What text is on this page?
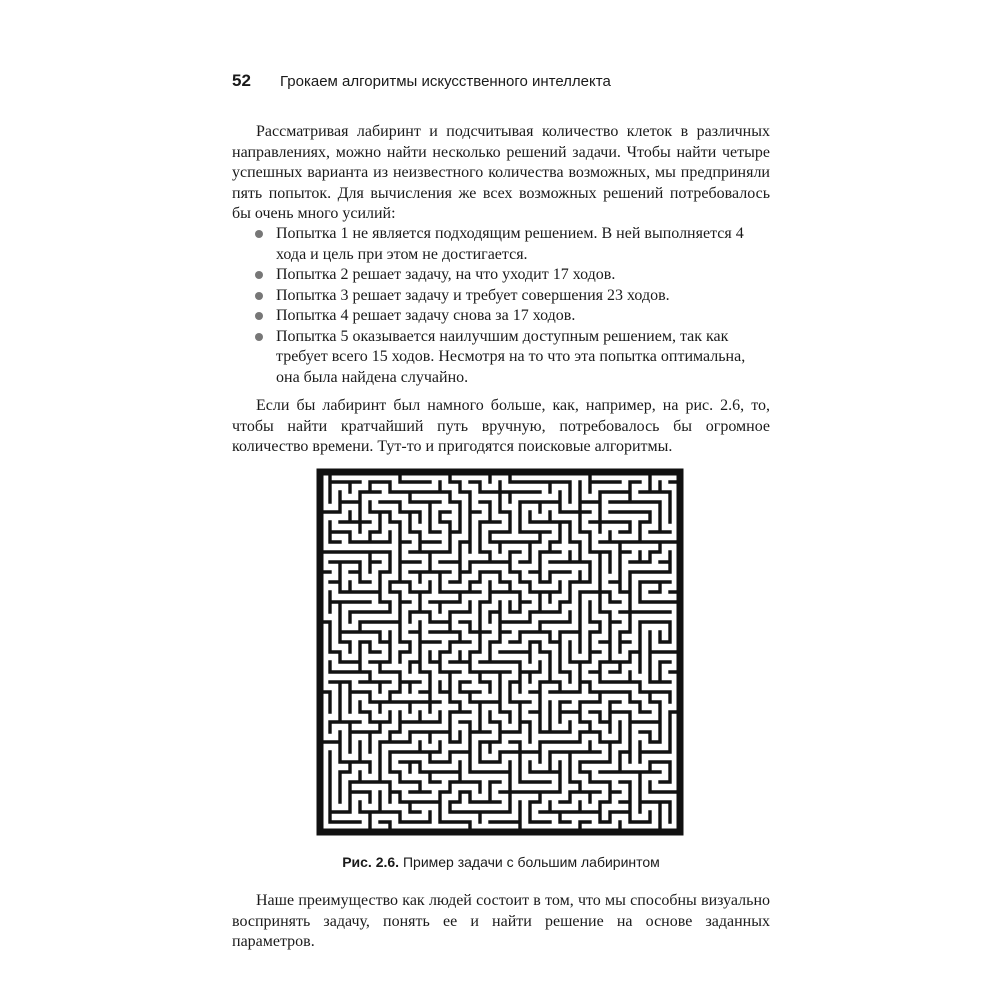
52 Грокаем алгоритмы искусственного интеллекта

Рассматривая лабиринт и подсчитывая количество клеток в различных направлениях, можно найти несколько решений задачи. Чтобы найти четыре успешных варианта из неизвестного количества возможных, мы предприняли пять попыток. Для вычисления же всех возможных решений потребовалось бы очень много усилий:

Попытка 1 не является подходящим решением. В ней выполняется 4 хода и цель при этом не достигается.
Попытка 2 решает задачу, на что уходит 17 ходов.
Попытка 3 решает задачу и требует совершения 23 ходов.
Попытка 4 решает задачу снова за 17 ходов.
Попытка 5 оказывается наилучшим доступным решением, так как требует всего 15 ходов. Несмотря на то что эта попытка оптимальна, она была найдена случайно.

Если бы лабиринт был намного больше, как, например, на рис. 2.6, то, чтобы найти кратчайший путь вручную, потребовалось бы огромное количество времени. Тут-то и пригодятся поисковые алгоритмы.

Рис. 2.6. Пример задачи с большим лабиринтом

Наше преимущество как людей состоит в том, что мы способны визуально воспринять задачу, понять ее и найти решение на основе заданных параметров.
